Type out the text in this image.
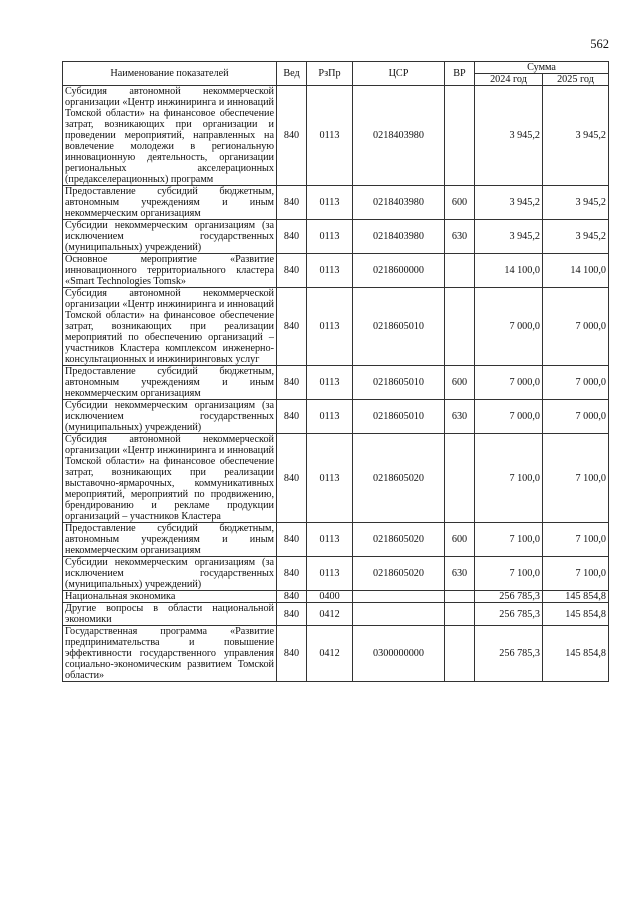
562
Наименование показателей	Вед	РзПр	ЦСР	ВР	Сумма	
					2024 год	2025 год
Субсидия автономной некоммерческой организации «Центр инжиниринга и инноваций Томской области» на финансовое обеспечение затрат, возникающих при организации и проведении мероприятий, направленных на вовлечение молодежи в региональную инновационную деятельность, организации региональных акселерационных (предакселерационных) программ	840	0113	0218403980		3 945,2	3 945,2
Предоставление субсидий бюджетным, автономным учреждениям и иным некоммерческим организациям	840	0113	0218403980	600	3 945,2	3 945,2
Субсидии некоммерческим организациям (за исключением государственных (муниципальных) учреждений)	840	0113	0218403980	630	3 945,2	3 945,2
Основное мероприятие «Развитие инновационного территориального кластера «Smart Technologies Tomsk»	840	0113	0218600000		14 100,0	14 100,0
Субсидия автономной некоммерческой организации «Центр инжиниринга и инноваций Томской области» на финансовое обеспечение затрат, возникающих при реализации мероприятий по обеспечению организаций – участников Кластера комплексом инженерно-консультационных и инжиниринговых услуг	840	0113	0218605010		7 000,0	7 000,0
Предоставление субсидий бюджетным, автономным учреждениям и иным некоммерческим организациям	840	0113	0218605010	600	7 000,0	7 000,0
Субсидии некоммерческим организациям (за исключением государственных (муниципальных) учреждений)	840	0113	0218605010	630	7 000,0	7 000,0
Субсидия автономной некоммерческой организации «Центр инжиниринга и инноваций Томской области» на финансовое обеспечение затрат, возникающих при реализации выставочно-ярмарочных, коммуникативных мероприятий, мероприятий по продвижению, брендированию и рекламе продукции организаций – участников Кластера	840	0113	0218605020		7 100,0	7 100,0
Предоставление субсидий бюджетным, автономным учреждениям и иным некоммерческим организациям	840	0113	0218605020	600	7 100,0	7 100,0
Субсидии некоммерческим организациям (за исключением государственных (муниципальных) учреждений)	840	0113	0218605020	630	7 100,0	7 100,0
Национальная экономика	840	0400			256 785,3	145 854,8
Другие вопросы в области национальной экономики	840	0412			256 785,3	145 854,8
Государственная программа «Развитие предпринимательства и повышение эффективности государственного управления социально-экономическим развитием Томской области»	840	0412	0300000000		256 785,3	145 854,8
